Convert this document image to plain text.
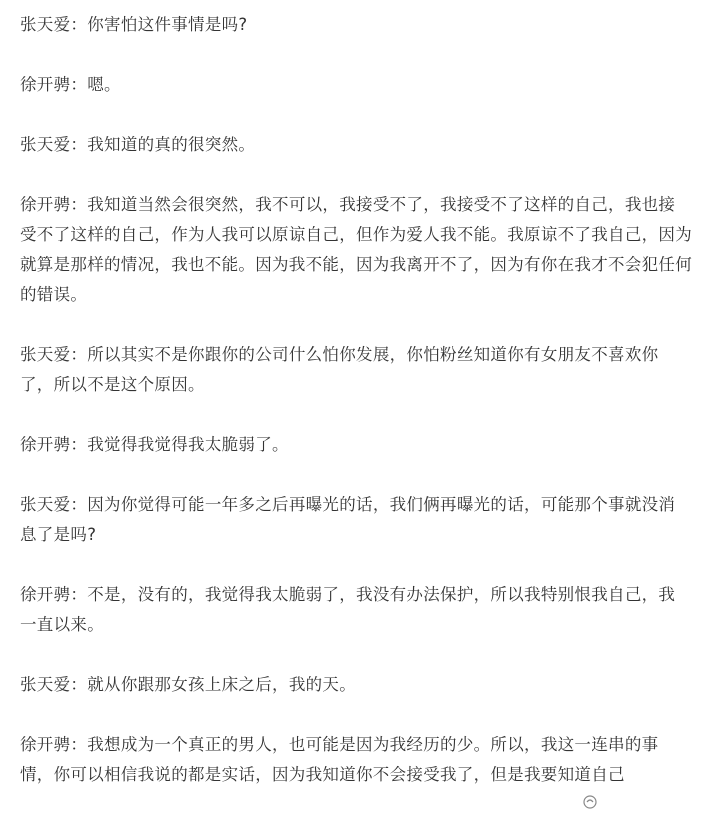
张天爱：你害怕这件事情是吗?

徐开骋：嗯。

张天爱：我知道的真的很突然。

徐开骋：我知道当然会很突然，我不可以，我接受不了，我接受不了这样的自己，我也接受不了这样的自己，作为人我可以原谅自己，但作为爱人我不能。我原谅不了我自己，因为就算是那样的情况，我也不能。因为我不能，因为我离开不了，因为有你在我才不会犯任何的错误。

张天爱：所以其实不是你跟你的公司什么怕你发展，你怕粉丝知道你有女朋友不喜欢你了，所以不是这个原因。

徐开骋：我觉得我觉得我太脆弱了。

张天爱：因为你觉得可能一年多之后再曝光的话，我们俩再曝光的话，可能那个事就没消息了是吗?

徐开骋：不是，没有的，我觉得我太脆弱了，我没有办法保护，所以我特别恨我自己，我一直以来。

张天爱：就从你跟那女孩上床之后，我的天。

徐开骋：我想成为一个真正的男人，也可能是因为我经历的少。所以，我这一连串的事情，你可以相信我说的都是实话，因为我知道你不会接受我了，但是我要知道自己
